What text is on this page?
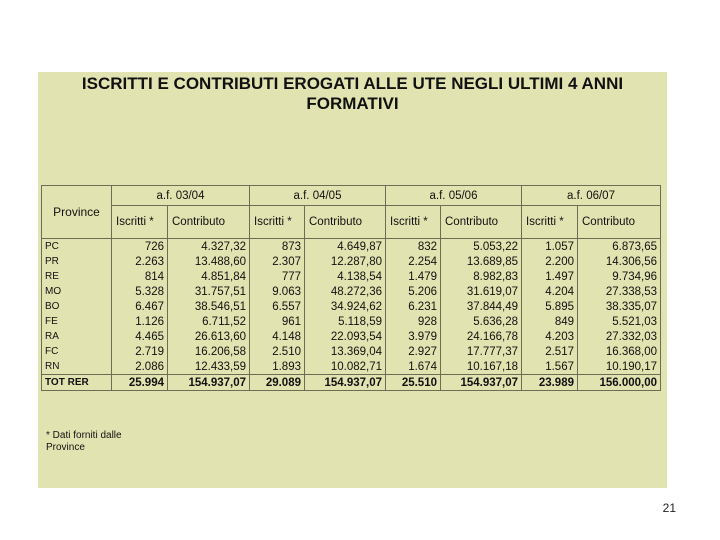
ISCRITTI E CONTRIBUTI EROGATI ALLE UTE NEGLI ULTIMI 4 ANNI
FORMATIVI
Province	a.f. 03/04		a.f. 04/05		a.f. 05/06		a.f. 06/07	
	Iscritti *	Contributo	Iscritti *	Contributo	Iscritti *	Contributo	Iscritti *	Contributo
PC	726	4.327,32	873	4.649,87	832	5.053,22	1.057	6.873,65
PR	2.263	13.488,60	2.307	12.287,80	2.254	13.689,85	2.200	14.306,56
RE	814	4.851,84	777	4.138,54	1.479	8.982,83	1.497	9.734,96
MO	5.328	31.757,51	9.063	48.272,36	5.206	31.619,07	4.204	27.338,53
BO	6.467	38.546,51	6.557	34.924,62	6.231	37.844,49	5.895	38.335,07
FE	1.126	6.711,52	961	5.118,59	928	5.636,28	849	5.521,03
RA	4.465	26.613,60	4.148	22.093,54	3.979	24.166,78	4.203	27.332,03
FC	2.719	16.206,58	2.510	13.369,04	2.927	17.777,37	2.517	16.368,00
RN	2.086	12.433,59	1.893	10.082,71	1.674	10.167,18	1.567	10.190,17
TOT RER	25.994	154.937,07	29.089	154.937,07	25.510	154.937,07	23.989	156.000,00
* Dati forniti dalle
Province
21
